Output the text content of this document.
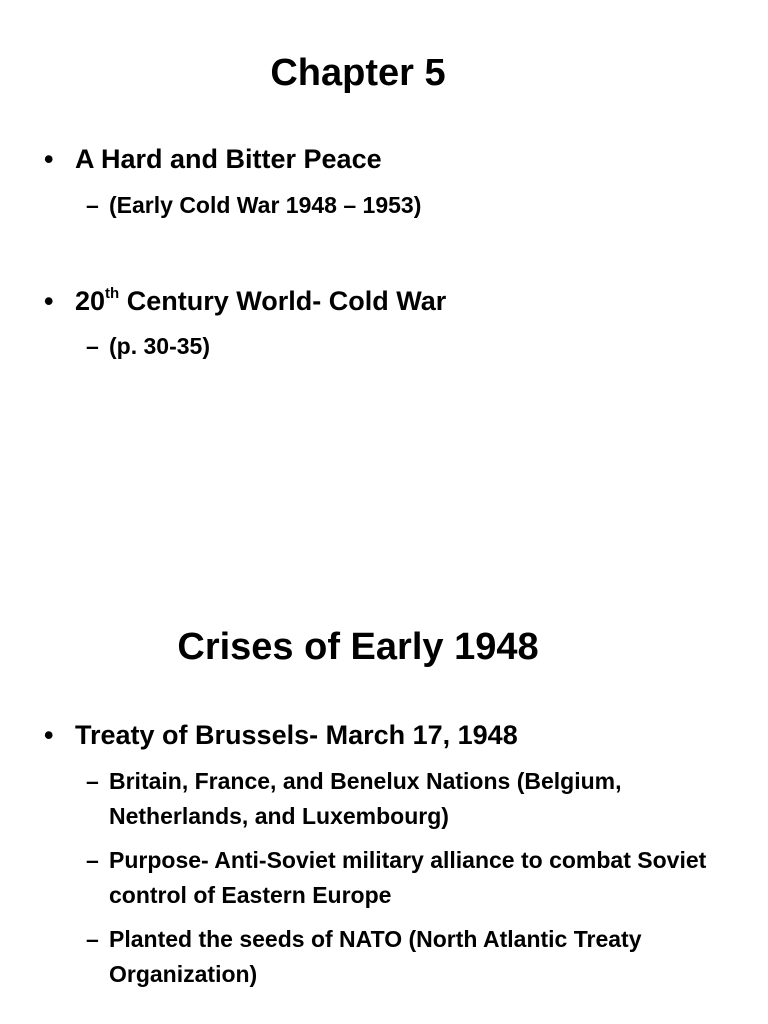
Chapter 5
• A Hard and Bitter Peace
– (Early Cold War 1948 – 1953)
• 20th Century World- Cold War
– (p. 30-35)
Crises of Early 1948
• Treaty of Brussels- March 17, 1948
– Britain, France, and Benelux Nations (Belgium, Netherlands, and Luxembourg)
– Purpose- Anti-Soviet military alliance to combat Soviet control of Eastern Europe
– Planted the seeds of NATO (North Atlantic Treaty Organization)
